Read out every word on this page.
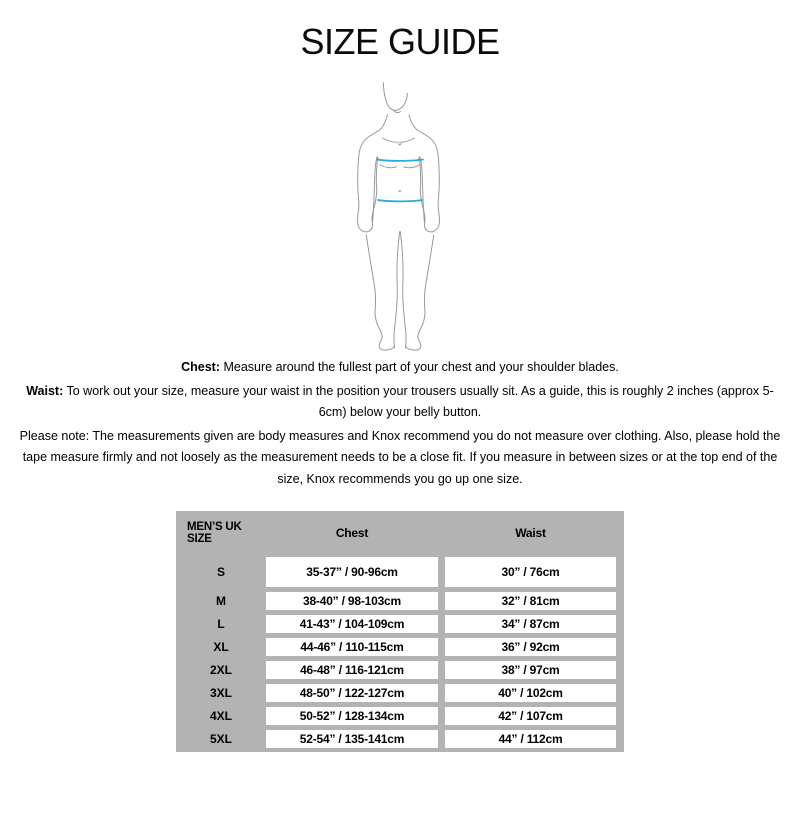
SIZE GUIDE

Chest: Measure around the fullest part of your chest and your shoulder blades.

Waist: To work out your size, measure your waist in the position your trousers usually sit. As a guide, this is roughly 2 inches (approx 5-6cm) below your belly button.

Please note: The measurements given are body measures and Knox recommend you do not measure over clothing. Also, please hold the tape measure firmly and not loosely as the measurement needs to be a close fit. If you measure in between sizes or at the top end of the size, Knox recommends you go up one size.

MEN’S UK SIZE	Chest	Waist
S	35-37” / 90-96cm	30” / 76cm
M	38-40” / 98-103cm	32” / 81cm
L	41-43” / 104-109cm	34” / 87cm
XL	44-46” / 110-115cm	36” / 92cm
2XL	46-48” / 116-121cm	38” / 97cm
3XL	48-50” / 122-127cm	40” / 102cm
4XL	50-52” / 128-134cm	42” / 107cm
5XL	52-54” / 135-141cm	44” / 112cm
